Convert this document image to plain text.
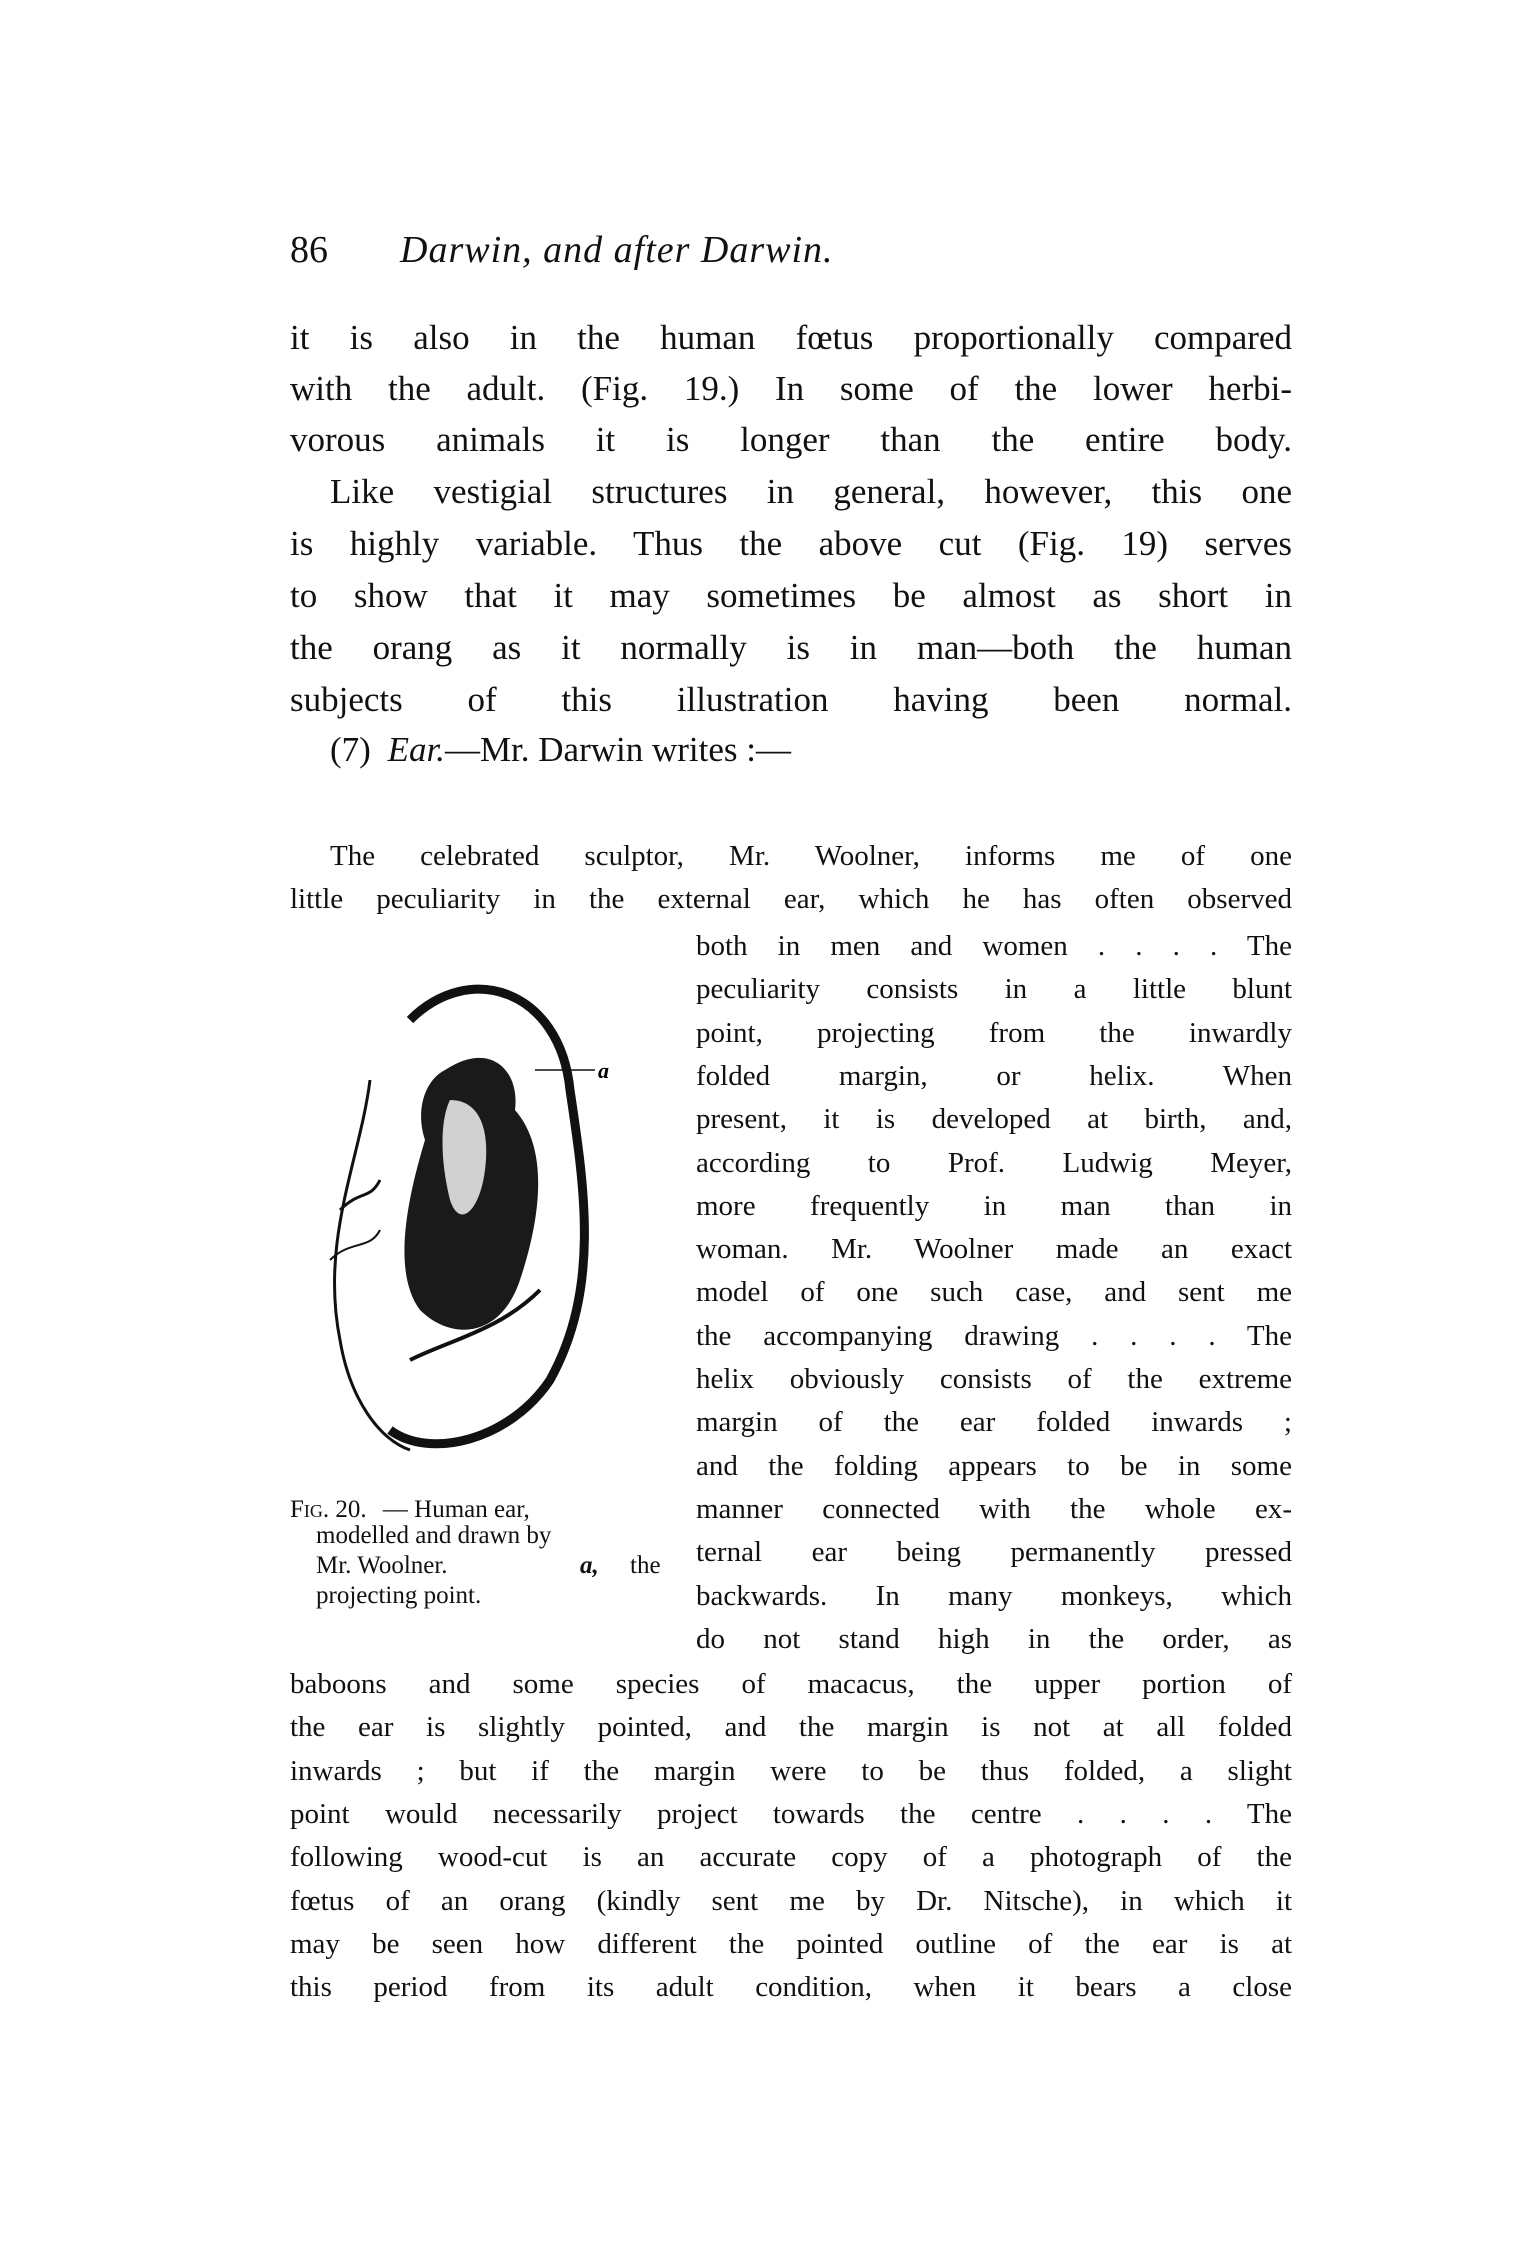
86 Darwin, and after Darwin.
it is also in the human fœtus proportionally compared
with the adult. (Fig. 19.) In some of the lower herbi-
vorous animals it is longer than the entire body.
Like vestigial structures in general, however, this one
is highly variable. Thus the above cut (Fig. 19) serves
to show that it may sometimes be almost as short in
the orang as it normally is in man—both the human
subjects of this illustration having been normal.
(7) Ear.—Mr. Darwin writes :—
The celebrated sculptor, Mr. Woolner, informs me of one
little peculiarity in the external ear, which he has often observed
both in men and women . . . . The
peculiarity consists in a little blunt
point, projecting from the inwardly
folded margin, or helix. When
present, it is developed at birth, and,
according to Prof. Ludwig Meyer,
more frequently in man than in
woman. Mr. Woolner made an exact
model of one such case, and sent me
the accompanying drawing . . . . The
helix obviously consists of the extreme
margin of the ear folded inwards ;
and the folding appears to be in some
manner connected with the whole ex-
ternal ear being permanently pressed
backwards. In many monkeys, which
do not stand high in the order, as
baboons and some species of macacus, the upper portion of
the ear is slightly pointed, and the margin is not at all folded
inwards ; but if the margin were to be thus folded, a slight
point would necessarily project towards the centre . . . . The
following wood-cut is an accurate copy of a photograph of the
fœtus of an orang (kindly sent me by Dr. Nitsche), in which it
may be seen how different the pointed outline of the ear is at
this period from its adult condition, when it bears a close
a
Fig. 20. — Human ear,
modelled and drawn by
Mr. Woolner.	a, the
projecting point.
